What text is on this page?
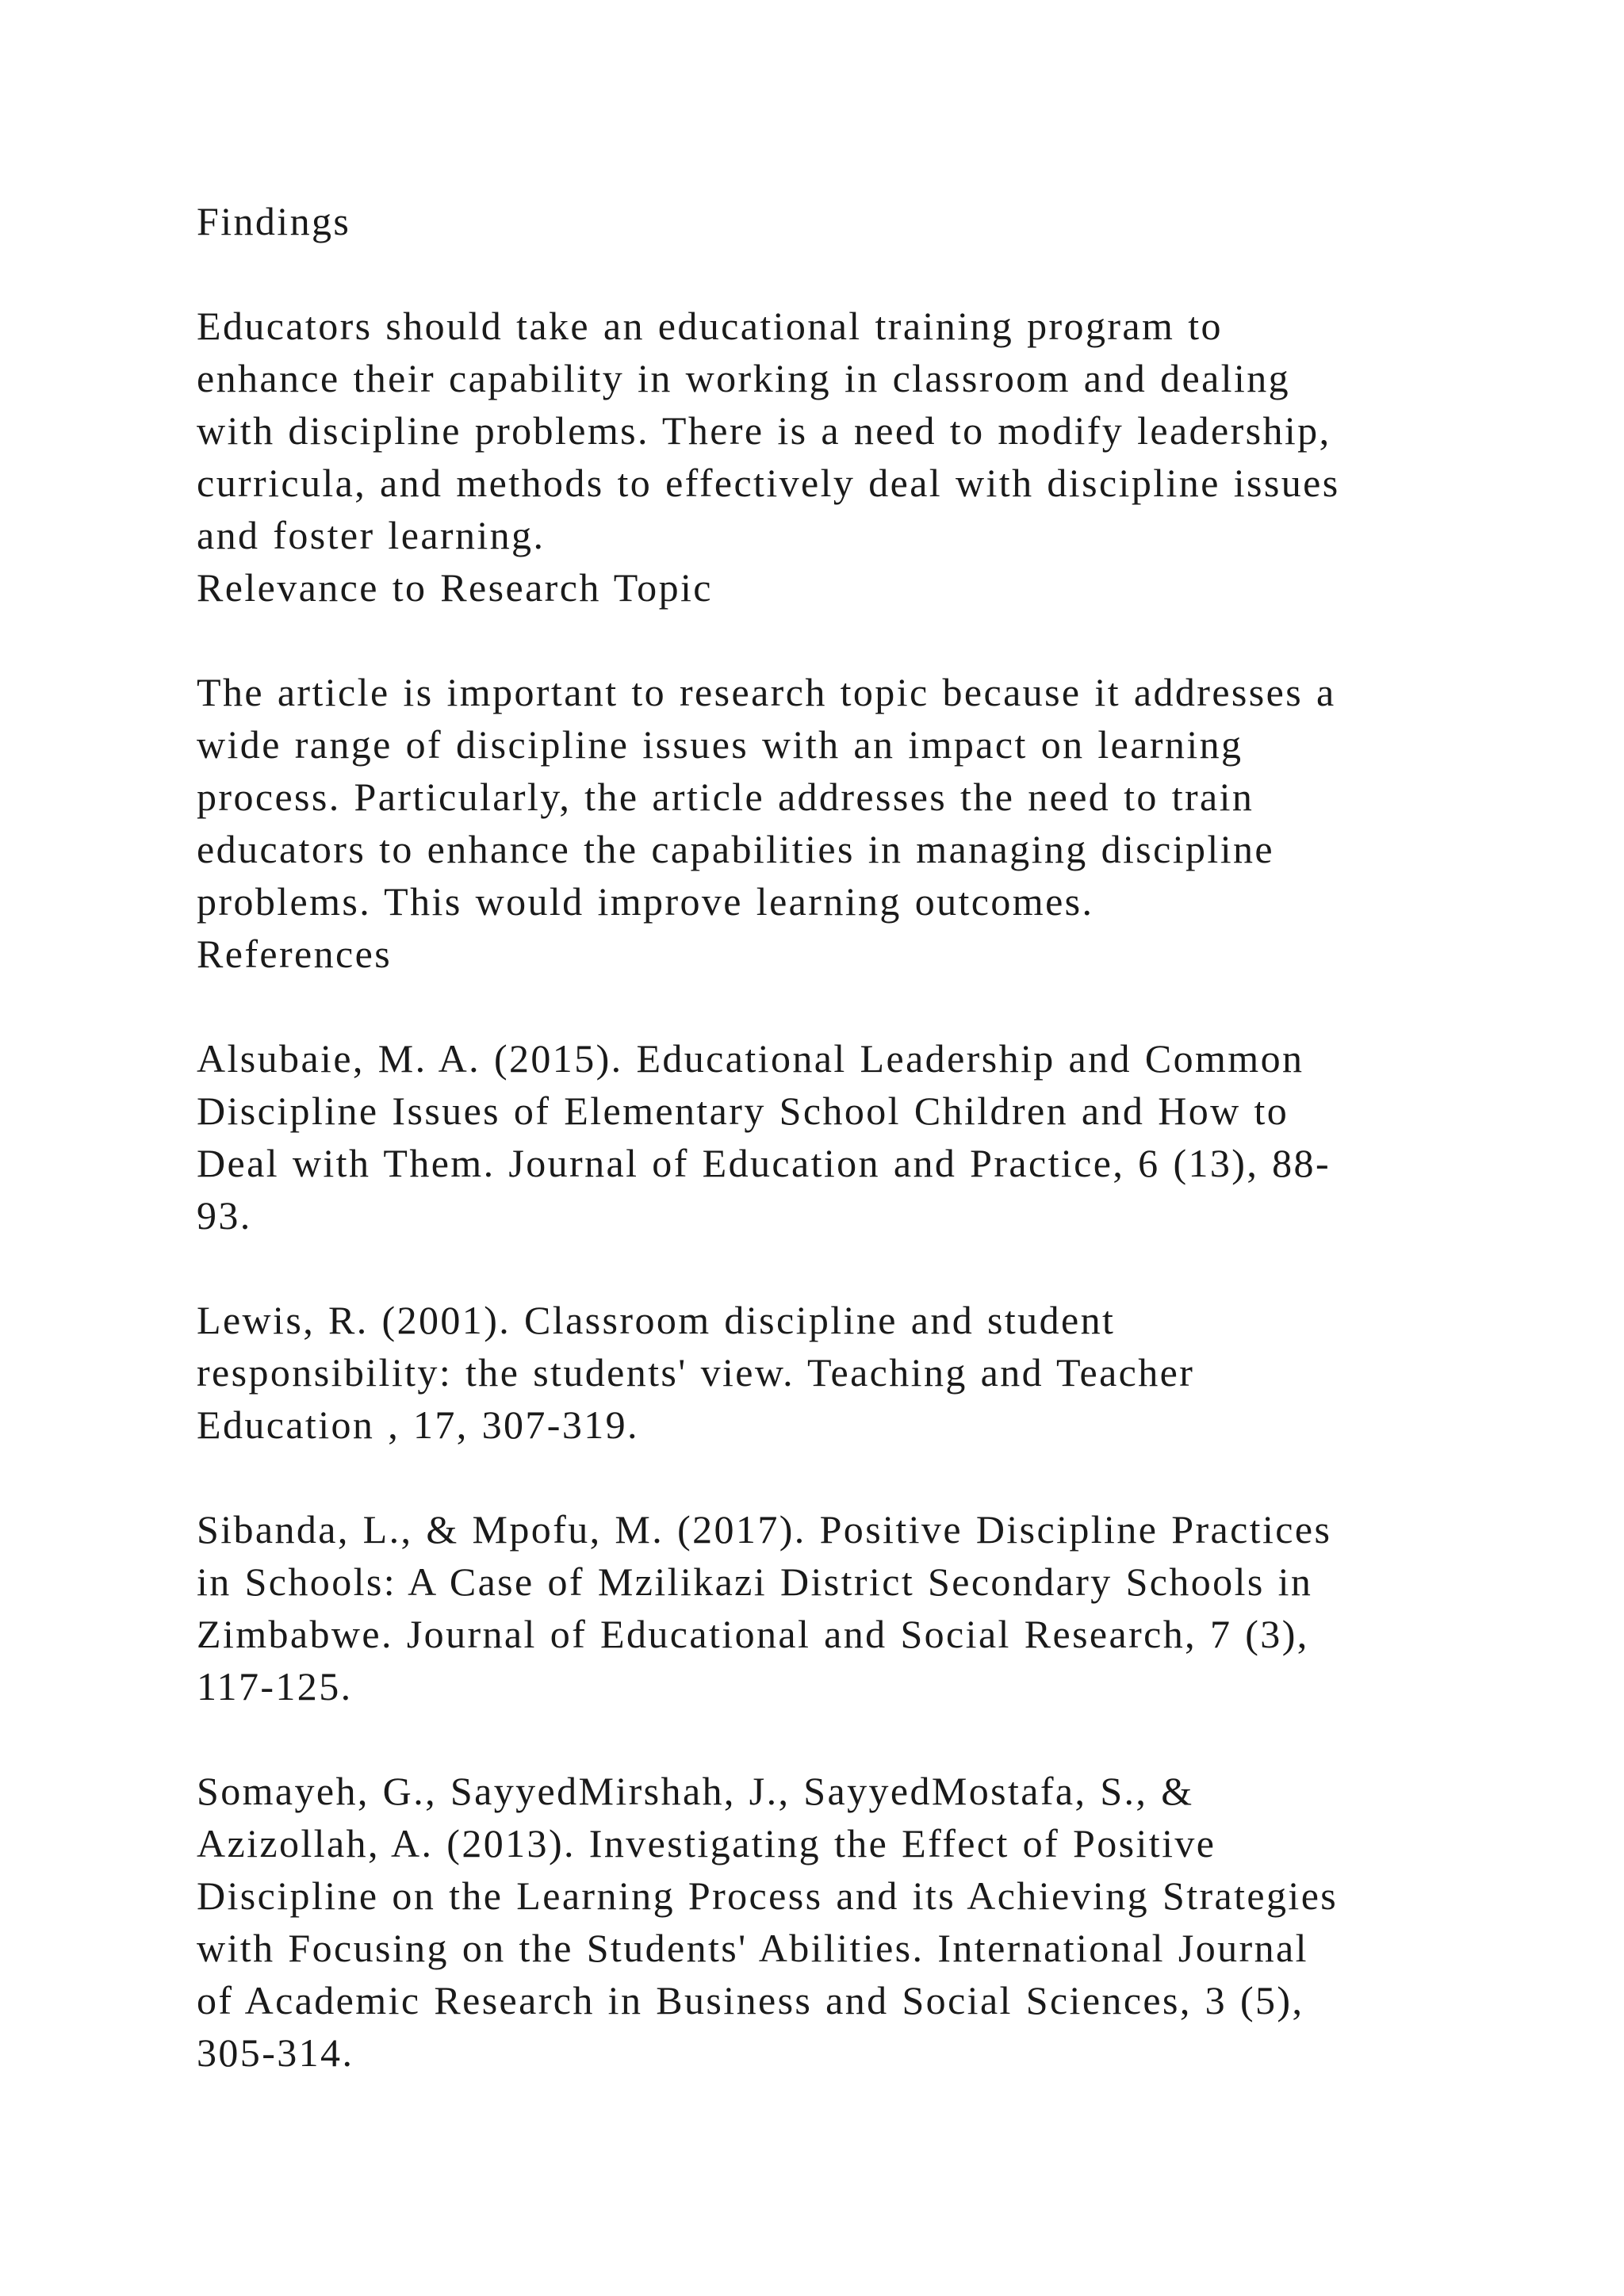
Findings
Educators should take an educational training program to
enhance their capability in working in classroom and dealing
with discipline problems. There is a need to modify leadership,
curricula, and methods to effectively deal with discipline issues
and foster learning.
Relevance to Research Topic
The article is important to research topic because it addresses a
wide range of discipline issues with an impact on learning
process. Particularly, the article addresses the need to train
educators to enhance the capabilities in managing discipline
problems. This would improve learning outcomes.
References
Alsubaie, M. A. (2015). Educational Leadership and Common
Discipline Issues of Elementary School Children and How to
Deal with Them. Journal of Education and Practice, 6 (13), 88-
93.
Lewis, R. (2001). Classroom discipline and student
responsibility: the students' view. Teaching and Teacher
Education , 17, 307-319.
Sibanda, L., & Mpofu, M. (2017). Positive Discipline Practices
in Schools: A Case of Mzilikazi District Secondary Schools in
Zimbabwe. Journal of Educational and Social Research, 7 (3),
117-125.
Somayeh, G., SayyedMirshah, J., SayyedMostafa, S., &
Azizollah, A. (2013). Investigating the Effect of Positive
Discipline on the Learning Process and its Achieving Strategies
with Focusing on the Students' Abilities. International Journal
of Academic Research in Business and Social Sciences, 3 (5),
305-314.
